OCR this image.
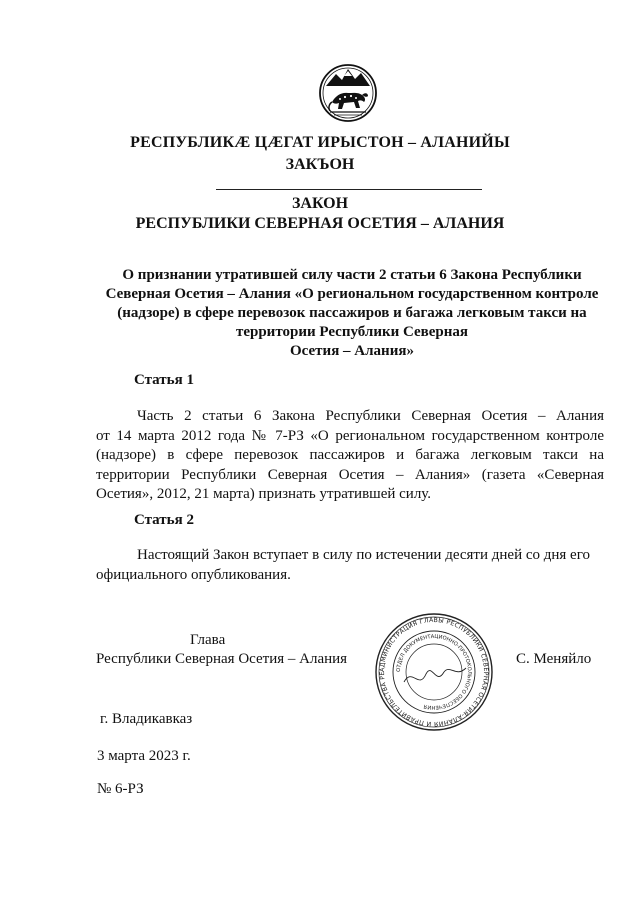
РЕСПУБЛИКӔ ЦӔГАТ ИРЫСТОН – АЛАНИЙЫ
ЗАКЪОН
ЗАКОН
РЕСПУБЛИКИ СЕВЕРНАЯ ОСЕТИЯ – АЛАНИЯ
О признании утратившей силу части 2 статьи 6 Закона Республики
Северная Осетия – Алания «О региональном государственном контроле
(надзоре) в сфере перевозок пассажиров и багажа легковым такси на
территории Республики Северная
Осетия – Алания»
Статья 1
Часть 2 статьи 6 Закона Республики Северная Осетия – Алания
от 14 марта 2012 года № 7-РЗ «О региональном государственном контроле
(надзоре) в сфере перевозок пассажиров и багажа легковым такси на
территории Республики Северная Осетия – Алания» (газета «Северная
Осетия», 2012, 21 марта) признать утратившей силу.
Статья 2
Настоящий Закон вступает в силу по истечении десяти дней со дня его
официального опубликования.
Глава
Республики Северная Осетия – Алания	С. Меняйло
АДМИНИСТРАЦИЯ ГЛАВЫ РЕСПУБЛИКИ СЕВЕРНАЯ ОСЕТИЯ-АЛАНИЯ И ПРАВИТЕЛЬСТВА РЕ
ОТДЕЛ ДОКУМЕНТАЦИОННО-ПРОТОКОЛЬНОГО ОБЕСПЕЧЕНИЯ
г. Владикавказ
3 марта 2023 г.
№ 6-РЗ
